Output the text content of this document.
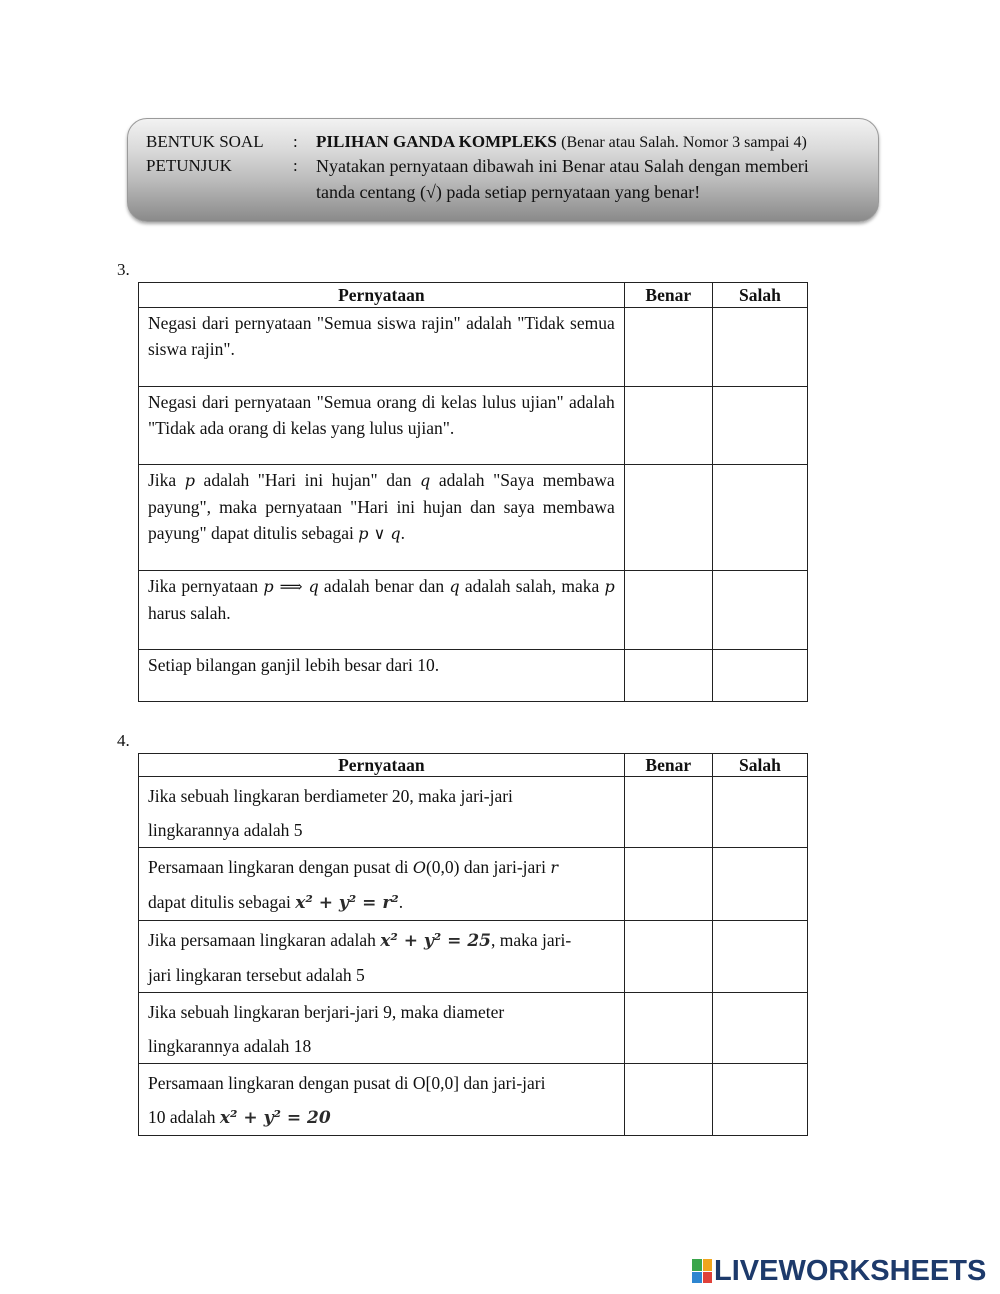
BENTUK SOAL	: PILIHAN GANDA KOMPLEKS (Benar atau Salah. Nomor 3 sampai 4)
PETUNJUK	: Nyatakan pernyataan dibawah ini Benar atau Salah dengan memberi
tanda centang (√) pada setiap pernyataan yang benar!
3.
Pernyataan	Benar	Salah
Negasi dari pernyataan "Semua siswa rajin" adalah "Tidak semua siswa rajin".		
Negasi dari pernyataan "Semua orang di kelas lulus ujian" adalah "Tidak ada orang di kelas yang lulus ujian".		
Jika p adalah "Hari ini hujan" dan q adalah "Saya membawa payung", maka pernyataan "Hari ini hujan dan saya membawa payung" dapat ditulis sebagai p ∨ q.		
Jika pernyataan p ⟹ q adalah benar dan q adalah salah, maka p harus salah.		
Setiap bilangan ganjil lebih besar dari 10.		
4.
Pernyataan	Benar	Salah
Jika sebuah lingkaran berdiameter 20, maka jari-jari
lingkarannya adalah 5		
Persamaan lingkaran dengan pusat di O(0,0) dan jari-jari r
dapat ditulis sebagai x² + y² = r².		
Jika persamaan lingkaran adalah x² + y² = 25, maka jari-
jari lingkaran tersebut adalah 5		
Jika sebuah lingkaran berjari-jari 9, maka diameter
lingkarannya adalah 18		
Persamaan lingkaran dengan pusat di O[0,0] dan jari-jari
10 adalah x² + y² = 20		
LIVEWORKSHEETS
